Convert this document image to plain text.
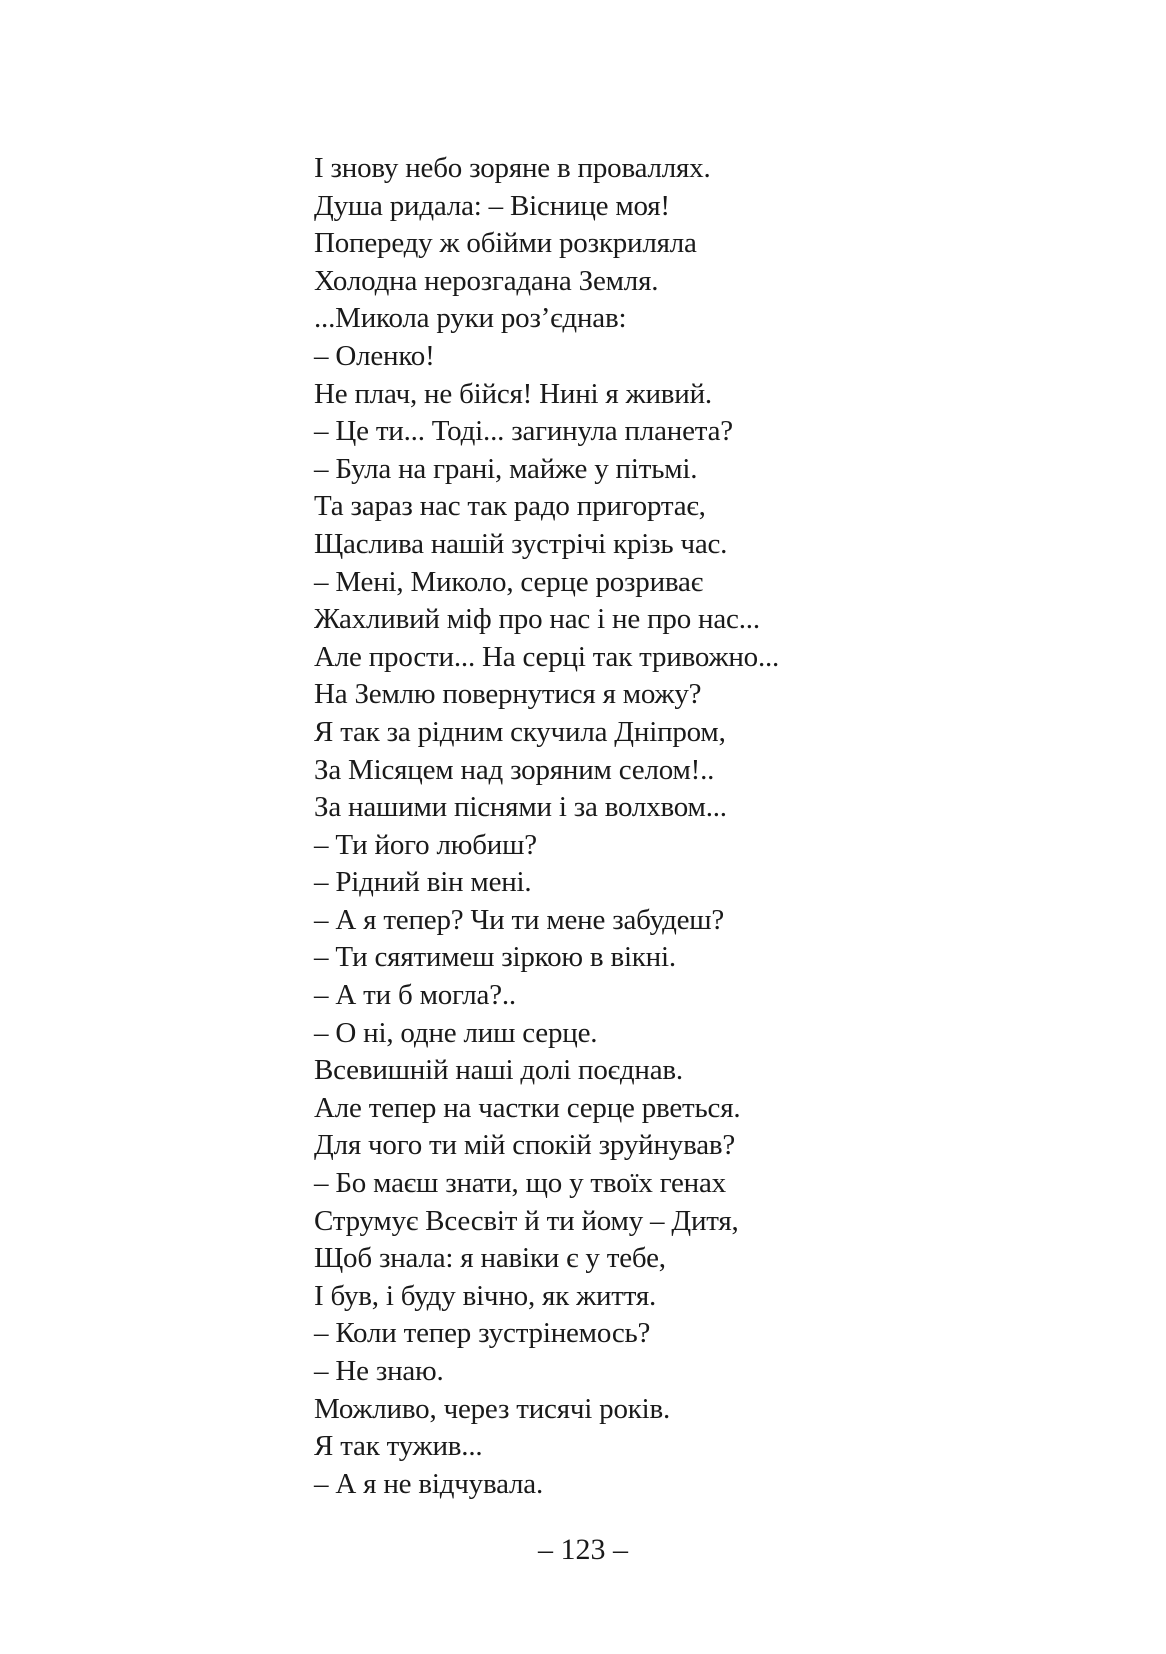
І знову небо зоряне в проваллях.
Душа ридала: – Віснице моя!
Попереду ж обійми розкриляла
Холодна нерозгадана Земля.
...Микола руки роз’єднав:
– Оленко!
Не плач, не бійся! Нині я живий.
– Це ти... Тоді... загинула планета?
– Була на грані, майже у пітьмі.
Та зараз нас так радо пригортає,
Щаслива нашій зустрічі крізь час.
– Мені, Миколо, серце розриває
Жахливий міф про нас і не про нас...
Але прости... На серці так тривожно...
На Землю повернутися я можу?
Я так за рідним скучила Дніпром,
За Місяцем над зоряним селом!..
За нашими піснями і за волхвом...
– Ти його любиш?
– Рідний він мені.
– А я тепер? Чи ти мене забудеш?
– Ти сяятимеш зіркою в вікні.
– А ти б могла?..
– О ні, одне лиш серце.
Всевишній наші долі поєднав.
Але тепер на частки серце рветься.
Для чого ти мій спокій зруйнував?
– Бо маєш знати, що у твоїх генах
Струмує Всесвіт й ти йому – Дитя,
Щоб знала: я навіки є у тебе,
І був, і буду вічно, як життя.
– Коли тепер зустрінемось?
– Не знаю.
Можливо, через тисячі років.
Я так тужив...
– А я не відчувала.
– 123 –
